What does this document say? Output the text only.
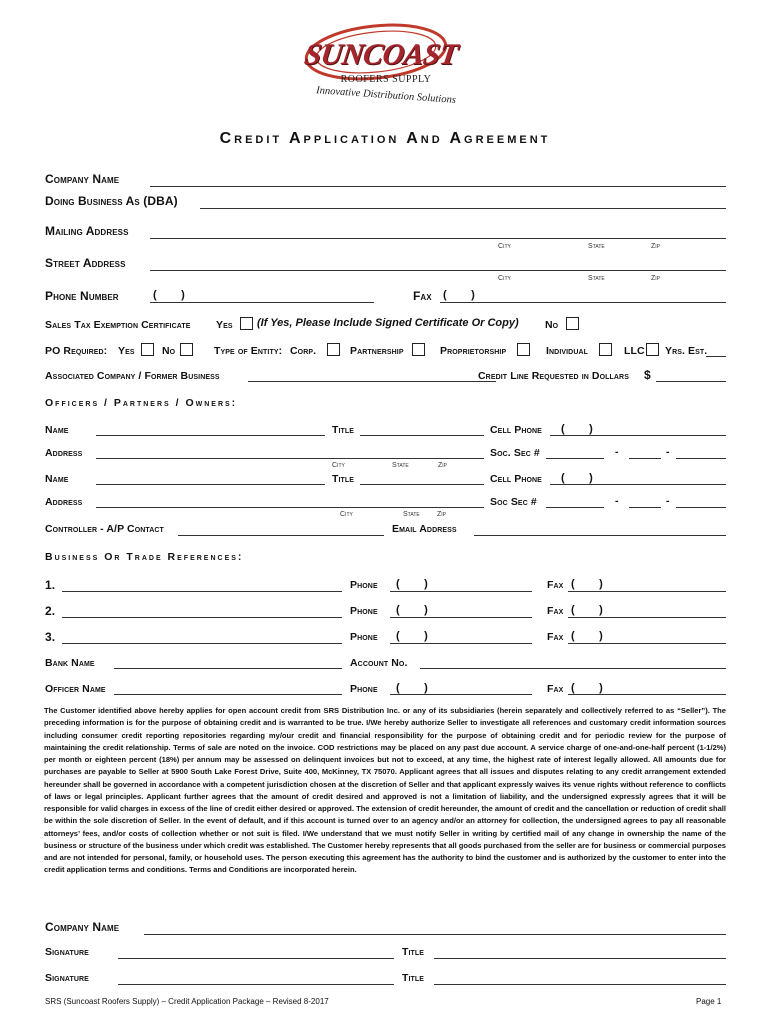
SUNCOAST
ROOFERS SUPPLY
Innovative Distribution Solutions
Credit Application And Agreement
Company Name
Doing Business As (DBA)
Mailing Address
City	State	Zip
Street Address
City	State	Zip
Phone Number	(        )	Fax (        )
Sales Tax Exemption Certificate Yes (If Yes, Please Include Signed Certificate Or Copy)	No
PO Required: Yes	No	Type of Entity: Corp.	Partnership	Proprietorship	Individual	LLC Yrs. Est.
Associated Company / Former Business	Credit Line Requested in Dollars $
Officers / Partners / Owners:
Name	Title	Cell Phone (        )
Address	Soc. Sec #	-	-
City	State	Zip
Name	Title	Cell Phone (        )
Address	Soc Sec #	-	-
City	State Zip
Controller - A/P Contact	Email Address
Business Or Trade References:
1.	Phone (        )	Fax (        )
2.	Phone (        )	Fax (        )
3.	Phone (        )	Fax (        )
Bank Name	Account No.
Officer Name	Phone (        )	Fax (        )
The Customer identified above hereby applies for open account credit from SRS Distribution Inc. or any of its subsidiaries (herein separately and collectively referred to as “Seller”). The preceding information is for the purpose of obtaining credit and is warranted to be true. I/We hereby authorize Seller to investigate all references and customary credit information sources including consumer credit reporting repositories regarding my/our credit and financial responsibility for the purpose of obtaining credit and for periodic review for the purpose of maintaining the credit relationship. Terms of sale are noted on the invoice. COD restrictions may be placed on any past due account. A service charge of one-and-one-half percent (1-1/2%) per month or eighteen percent (18%) per annum may be assessed on delinquent invoices but not to exceed, at any time, the highest rate of interest legally allowed. All amounts due for purchases are payable to Seller at 5900 South Lake Forest Drive, Suite 400, McKinney, TX 75070. Applicant agrees that all issues and disputes relating to any credit arrangement extended hereunder shall be governed in accordance with a competent jurisdiction chosen at the discretion of Seller and that applicant expressly waives its venue rights without reference to conflicts of laws or legal principles. Applicant further agrees that the amount of credit desired and approved is not a limitation of liability, and the undersigned expressly agrees that it will be responsible for valid charges in excess of the line of credit either desired or approved. The extension of credit hereunder, the amount of credit and the cancellation or reduction of credit shall be within the sole discretion of Seller. In the event of default, and if this account is turned over to an agency and/or an attorney for collection, the undersigned agrees to pay all reasonable attorneys’ fees, and/or costs of collection whether or not suit is filed. I/We understand that we must notify Seller in writing by certified mail of any change in ownership the name of the business or structure of the business under which credit was established. The Customer hereby represents that all goods purchased from the seller are for business or commercial purposes and are not intended for personal, family, or household uses. The person executing this agreement has the authority to bind the customer and is authorized by the customer to enter into the credit application terms and conditions. Terms and Conditions are incorporated herein.
Company Name
Signature	Title
Signature	Title
SRS (Suncoast Roofers Supply) – Credit Application Package – Revised 8-2017	Page 1
